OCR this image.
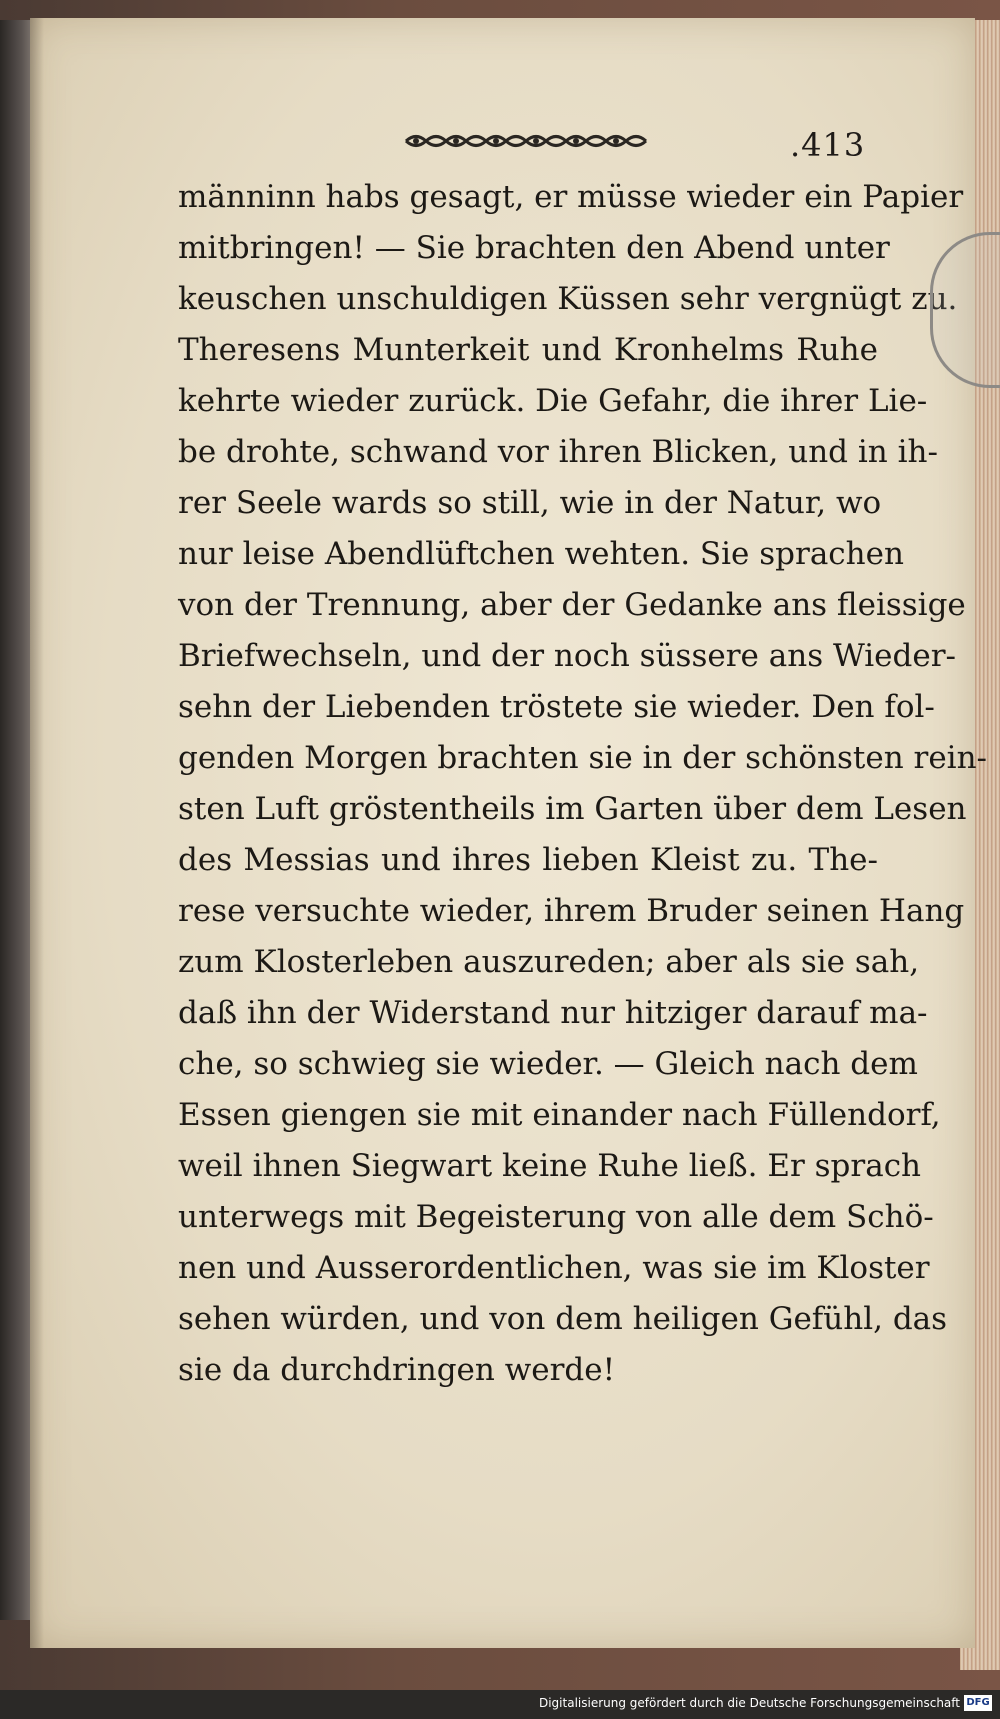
.413
männinn habs gesagt, er müsse wieder ein Papier
mitbringen! — Sie brachten den Abend unter
keuschen unschuldigen Küssen sehr vergnügt zu.
Theresens Munterkeit und Kronhelms Ruhe
kehrte wieder zurück. Die Gefahr, die ihrer Lie-
be drohte, schwand vor ihren Blicken, und in ih-
rer Seele wards so still, wie in der Natur, wo
nur leise Abendlüftchen wehten. Sie sprachen
von der Trennung, aber der Gedanke ans fleissige
Briefwechseln, und der noch süssere ans Wieder-
sehn der Liebenden tröstete sie wieder. Den fol-
genden Morgen brachten sie in der schönsten rein-
sten Luft gröstentheils im Garten über dem Lesen
des Messias und ihres lieben Kleist zu. The-
rese versuchte wieder, ihrem Bruder seinen Hang
zum Klosterleben auszureden; aber als sie sah,
daß ihn der Widerstand nur hitziger darauf ma-
che, so schwieg sie wieder. — Gleich nach dem
Essen giengen sie mit einander nach Füllendorf,
weil ihnen Siegwart keine Ruhe ließ. Er sprach
unterwegs mit Begeisterung von alle dem Schö-
nen und Ausserordentlichen, was sie im Kloster
sehen würden, und von dem heiligen Gefühl, das
sie da durchdringen werde!
Digitalisierung gefördert durch die Deutsche Forschungsgemeinschaft DFG
